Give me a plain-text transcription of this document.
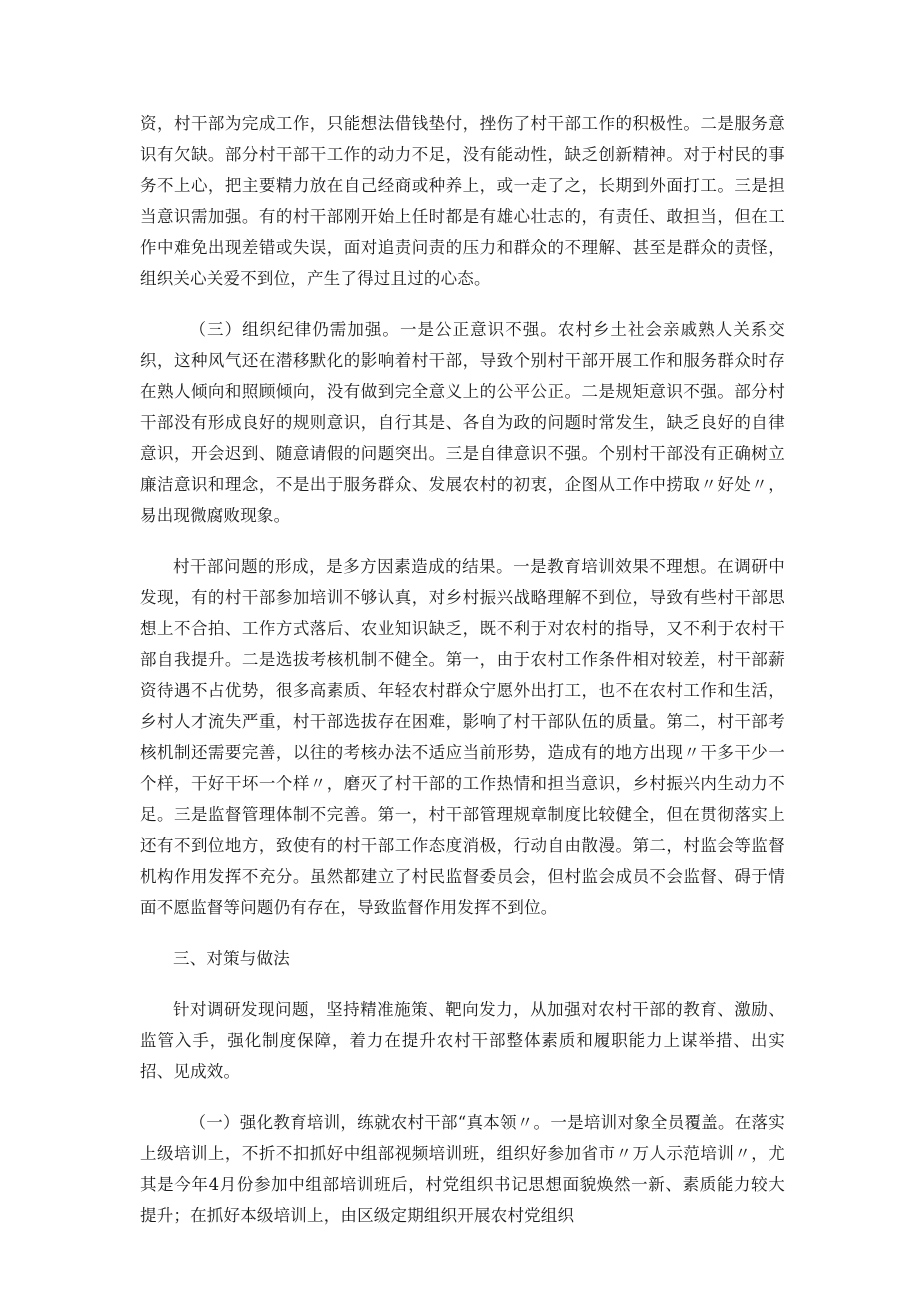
资，村干部为完成工作，只能想法借钱垫付，挫伤了村干部工作的积极性。二是服务意识有欠缺。部分村干部干工作的动力不足，没有能动性，缺乏创新精神。对于村民的事务不上心，把主要精力放在自己经商或种养上，或一走了之，长期到外面打工。三是担当意识需加强。有的村干部刚开始上任时都是有雄心壮志的，有责任、敢担当，但在工作中难免出现差错或失误，面对追责问责的压力和群众的不理解、甚至是群众的责怪，组织关心关爱不到位，产生了得过且过的心态。

（三）组织纪律仍需加强。一是公正意识不强。农村乡土社会亲戚熟人关系交织，这种风气还在潜移默化的影响着村干部，导致个别村干部开展工作和服务群众时存在熟人倾向和照顾倾向，没有做到完全意义上的公平公正。二是规矩意识不强。部分村干部没有形成良好的规则意识，自行其是、各自为政的问题时常发生，缺乏良好的自律意识，开会迟到、随意请假的问题突出。三是自律意识不强。个别村干部没有正确树立廉洁意识和理念，不是出于服务群众、发展农村的初衷，企图从工作中捞取〃好处〃，易出现微腐败现象。

村干部问题的形成，是多方因素造成的结果。一是教育培训效果不理想。在调研中发现，有的村干部参加培训不够认真，对乡村振兴战略理解不到位，导致有些村干部思想上不合拍、工作方式落后、农业知识缺乏，既不利于对农村的指导，又不利于农村干部自我提升。二是选拔考核机制不健全。第一，由于农村工作条件相对较差，村干部薪资待遇不占优势，很多高素质、年轻农村群众宁愿外出打工，也不在农村工作和生活，乡村人才流失严重，村干部选拔存在困难，影响了村干部队伍的质量。第二，村干部考核机制还需要完善，以往的考核办法不适应当前形势，造成有的地方出现〃干多干少一个样，干好干坏一个样〃，磨灭了村干部的工作热情和担当意识，乡村振兴内生动力不足。三是监督管理体制不完善。第一，村干部管理规章制度比较健全，但在贯彻落实上还有不到位地方，致使有的村干部工作态度消极，行动自由散漫。第二，村监会等监督机构作用发挥不充分。虽然都建立了村民监督委员会，但村监会成员不会监督、碍于情面不愿监督等问题仍有存在，导致监督作用发挥不到位。

三、对策与做法

针对调研发现问题，坚持精准施策、靶向发力，从加强对农村干部的教育、激励、监管入手，强化制度保障，着力在提升农村干部整体素质和履职能力上谋举措、出实招、见成效。

（一）强化教育培训，练就农村干部“真本领〃。一是培训对象全员覆盖。在落实上级培训上，不折不扣抓好中组部视频培训班，组织好参加省市〃万人示范培训〃，尤其是今年4月份参加中组部培训班后，村党组织书记思想面貌焕然一新、素质能力较大提升；在抓好本级培训上，由区级定期组织开展农村党组织
